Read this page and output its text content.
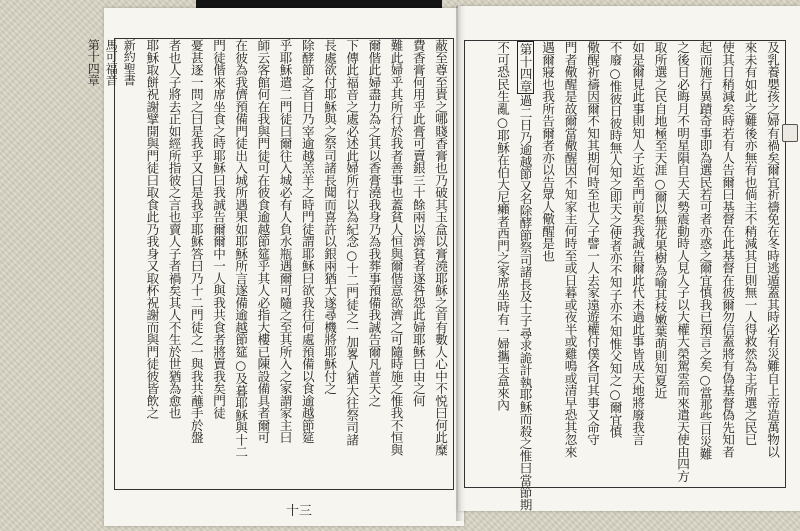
蔽至尊至貴之哪賤香膏也乃破其玉盒以膏澆耶穌之首有數人心中不悦曰何此糜
費香膏何用乎此膏可賣銀三十餘兩以濟貧者遂咎怨此婦耶穌曰由之何
難此婦乎其所行於我者善事也蓋貧人恒與爾偕意欲濟之可隨時施之惟我不恒與
爾偕此婦盡力為之其以香膏澆我身乃為我葬事預備我誠告爾凡普天之
下傳此福音之處必述此婦所行以為紀念○十二門徒之一加畧人猶大往祭司諸
長處欲付耶穌與之祭司諸長聞而喜許以銀兩猶大遂尋機將耶穌付之
除酵節之首日乃宰逾越羔羊之時門徒謂耶穌曰欲我往何處預備以食逾越節筵
乎耶穌遣二門徒曰爾往入城必有人負水瓶遇爾可隨之至其所入之家謂家主曰
師云客館何在我與門徒可在彼食逾越節筵乎其人必指大樓已陳設備具者爾可
在彼為我儕預備門徒出入城所遇果如耶穌所言遂備逾越節筵○及暮耶穌與十二
門徒偕來席坐食之時耶穌曰我誠告爾爾中一人與我共食者將賣我矣門徒
憂甚逐一問之曰是我乎又曰是我乎耶穌答曰乃十二門徒之一與我共蘸手於盤
者也人子將去正如經所指彼之言也賣人子者禍矣其人不生於世猶為愈也
耶穌取餅祝謝擘開與門徒曰取食此乃我身又取杯祝謝而與門徒彼皆飲之
新約聖書
馬可福音
第十四章
十三
及乳養嬰孩之婦有禍矣爾宜祈禱免在冬時逃遁蓋其時必有災難自上帝造萬物以
來未有如此之難後亦無有也倘主不稍減其日則無一人得救然為主所選之民已
使其日稍減矣時若有人告爾曰基督在此基督在彼爾勿信蓋將有偽基督偽先知者
起而施行異蹟奇事即為選民若可者亦惑之爾宜慎我已預言之矣○當那些日災難
之後日必晦月不明星隕自天天勢震動時人見人子以大權大榮駕雲而來遣天使由四方
取所選之民自地極至天涯○爾以無花果樹為喻其枝嫩葉萌則知夏近
如是爾見此事則知人子近至門前矣我誠告爾此代未過此事皆成天地將廢我言
不廢○惟彼日彼時無人知之即天之使者亦不知子亦不知惟父知之○爾宜慎
儆醒祈禱因爾不知其期何時至也人子譬一人去家遠遊權付僕各司其事又命守
門者儆醒是故爾當儆醒因不知家主何時至或日暮或夜半或雞鳴或清早恐其忽來
遇爾寢也我所告爾者亦以告眾人儆醒是也
第十四章過二日乃逾越節又名除酵節祭司諸長及士子尋求詭計執耶穌而殺之惟曰當節期
不可恐民生亂○耶穌在伯大尼癩者西門之家席坐時有一婦攜玉盒來內
